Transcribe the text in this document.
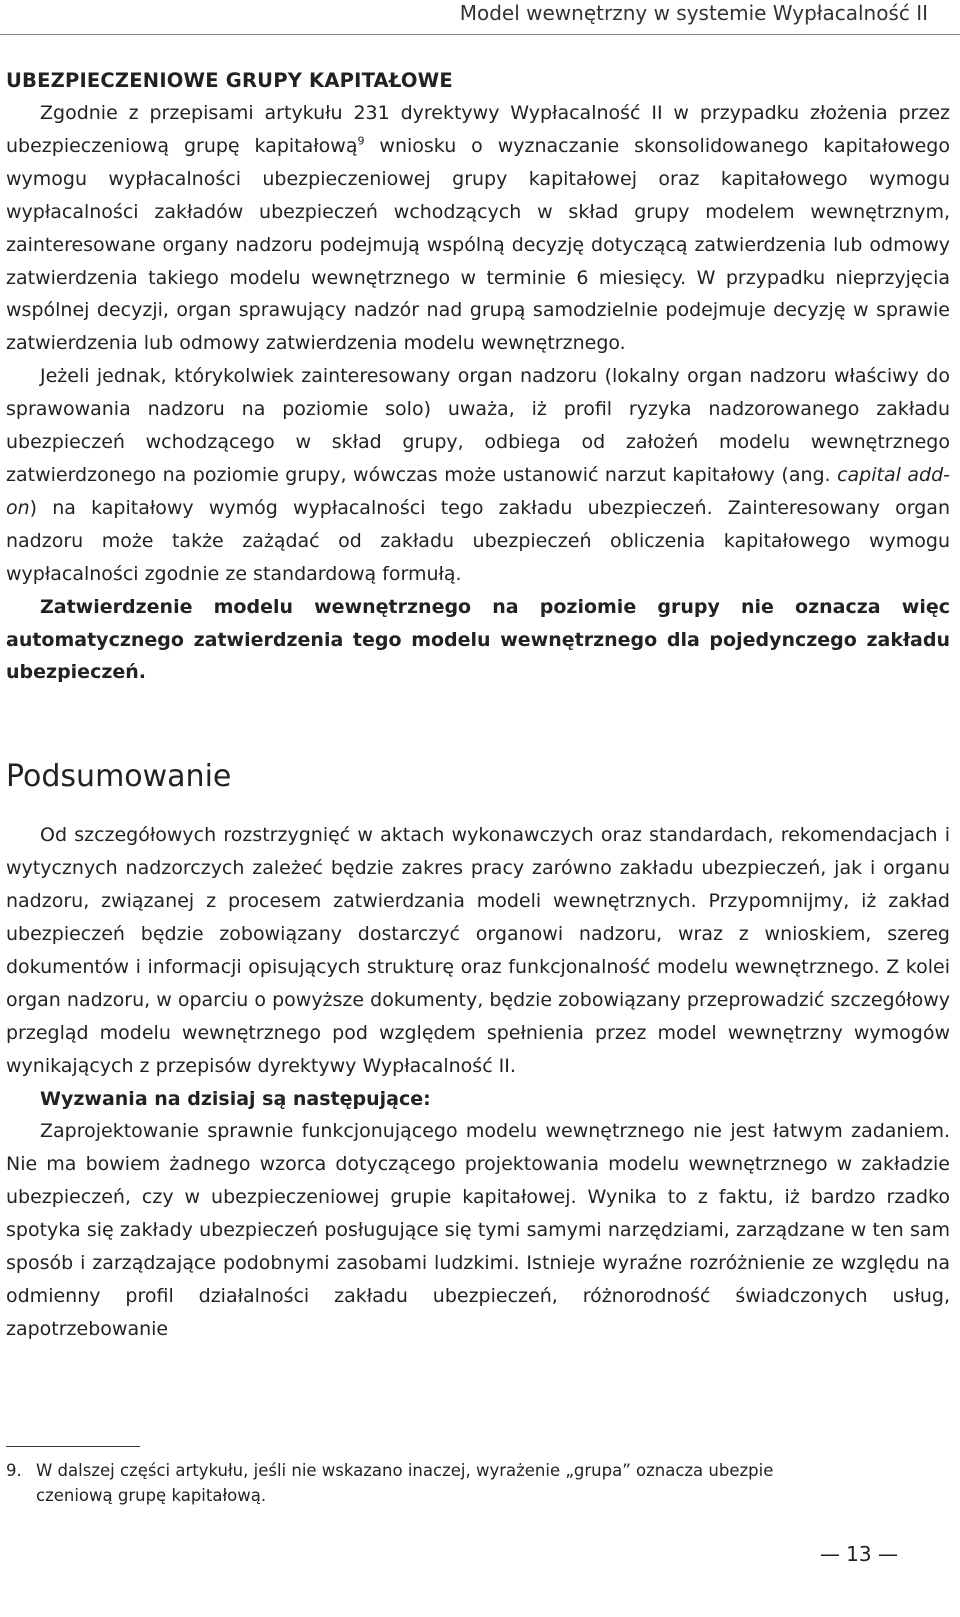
Model wewnętrzny w systemie Wypłacalność II
UBEZPIECZENIOWE GRUPY KAPITAŁOWE

Zgodnie z przepisami artykułu 231 dyrektywy Wypłacalność II w przypadku złożenia przez ubezpieczeniową grupę kapitałową$^9$ wniosku o wyznaczanie skonsolidowanego kapitałowego wymogu wypłacalności ubezpieczeniowej grupy kapitałowej oraz kapitałowego wymogu wypłacalności zakładów ubezpieczeń wchodzących w skład grupy modelem wewnętrznym, zainteresowane organy nadzoru podejmują wspólną decyzję dotyczącą zatwierdzenia lub odmowy zatwierdzenia takiego modelu wewnętrznego w terminie 6 miesięcy. W przypadku nieprzyjęcia wspólnej decyzji, organ sprawujący nadzór nad grupą samodzielnie podejmuje decyzję w sprawie zatwierdzenia lub odmowy zatwierdzenia modelu wewnętrznego.

Jeżeli jednak, którykolwiek zainteresowany organ nadzoru (lokalny organ nadzoru właściwy do sprawowania nadzoru na poziomie solo) uważa, iż profil ryzyka nadzorowanego zakładu ubezpieczeń wchodzącego w skład grupy, odbiega od założeń modelu wewnętrznego zatwierdzonego na poziomie grupy, wówczas może ustanowić narzut kapitałowy (ang. capital add-on) na kapitałowy wymóg wypłacalności tego zakładu ubezpieczeń. Zainteresowany organ nadzoru może także zażądać od zakładu ubezpieczeń obliczenia kapitałowego wymogu wypłacalności zgodnie ze standardową formułą.

Zatwierdzenie modelu wewnętrznego na poziomie grupy nie oznacza więc automatycznego zatwierdzenia tego modelu wewnętrznego dla pojedynczego zakładu ubezpieczeń.

Podsumowanie

Od szczegółowych rozstrzygnięć w aktach wykonawczych oraz standardach, rekomendacjach i wytycznych nadzorczych zależeć będzie zakres pracy zarówno zakładu ubezpieczeń, jak i organu nadzoru, związanej z procesem zatwierdzania modeli wewnętrznych. Przypomnijmy, iż zakład ubezpieczeń będzie zobowiązany dostarczyć organowi nadzoru, wraz z wnioskiem, szereg dokumentów i informacji opisujących strukturę oraz funkcjonalność modelu wewnętrznego. Z kolei organ nadzoru, w oparciu o powyższe dokumenty, będzie zobowiązany przeprowadzić szczegółowy przegląd modelu wewnętrznego pod względem spełnienia przez model wewnętrzny wymogów wynikających z przepisów dyrektywy Wypłacalność II.

Wyzwania na dzisiaj są następujące:

Zaprojektowanie sprawnie funkcjonującego modelu wewnętrznego nie jest łatwym zadaniem. Nie ma bowiem żadnego wzorca dotyczącego projektowania modelu wewnętrznego w zakładzie ubezpieczeń, czy w ubezpieczeniowej grupie kapitałowej. Wynika to z faktu, iż bardzo rzadko spotyka się zakłady ubezpieczeń posługujące się tymi samymi narzędziami, zarządzane w ten sam sposób i zarządzające podobnymi zasobami ludzkimi. Istnieje wyraźne rozróżnienie ze względu na odmienny profil działalności zakładu ubezpieczeń, różnorodność świadczonych usług, zapotrzebowanie

9. W dalszej części artykułu, jeśli nie wskazano inaczej, wyrażenie „grupa” oznacza ubezpie
czeniową grupę kapitałową.
— 13 —
